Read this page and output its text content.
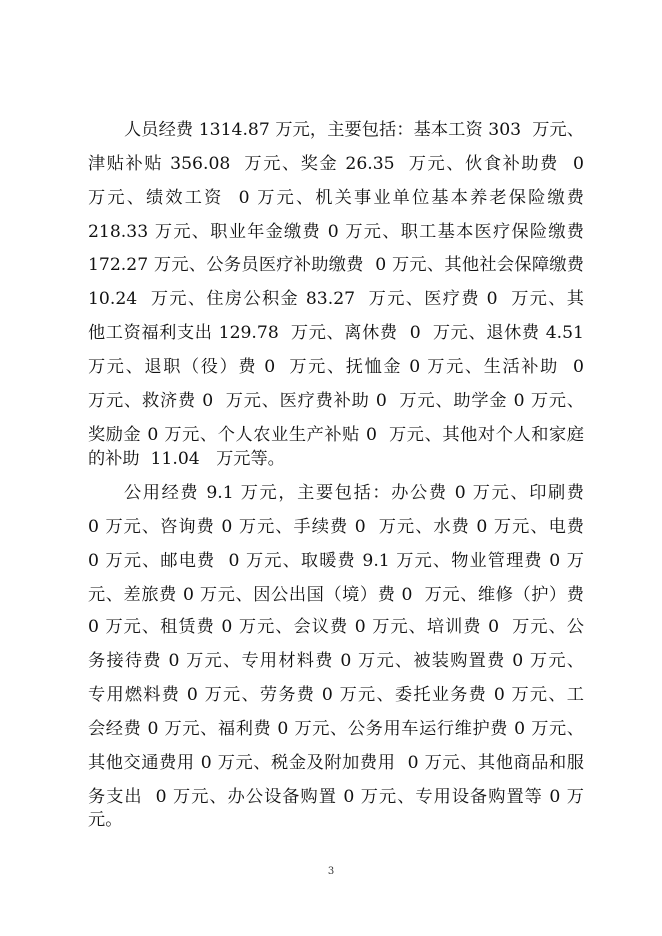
人员经费 1314.87 万元，主要包括：基本工资 303  万元、
津贴补贴 356.08  万元、奖金 26.35  万元、伙食补助费  0
万元、绩效工资  0 万元、机关事业单位基本养老保险缴费
218.33 万元、职业年金缴费 0 万元、职工基本医疗保险缴费
172.27 万元、公务员医疗补助缴费  0 万元、其他社会保障缴费
10.24  万元、住房公积金 83.27  万元、医疗费 0  万元、其
他工资福利支出 129.78  万元、离休费  0  万元、退休费 4.51
万元、退职（役）费 0  万元、抚恤金 0 万元、生活补助  0
万元、救济费 0  万元、医疗费补助 0  万元、助学金 0 万元、
奖励金 0 万元、个人农业生产补贴 0  万元、其他对个人和家庭
的补助  11.04   万元等。
公用经费 9.1 万元，主要包括：办公费 0 万元、印刷费
0 万元、咨询费 0 万元、手续费 0  万元、水费 0 万元、电费
0 万元、邮电费  0 万元、取暖费 9.1 万元、物业管理费 0 万
元、差旅费 0 万元、因公出国（境）费 0  万元、维修（护）费
0 万元、租赁费 0 万元、会议费 0 万元、培训费 0  万元、公
务接待费 0 万元、专用材料费 0 万元、被装购置费 0 万元、
专用燃料费 0 万元、劳务费 0 万元、委托业务费 0 万元、工
会经费 0 万元、福利费 0 万元、公务用车运行维护费 0 万元、
其他交通费用 0 万元、税金及附加费用  0 万元、其他商品和服
务支出  0 万元、办公设备购置 0 万元、专用设备购置等 0 万
元。
3
